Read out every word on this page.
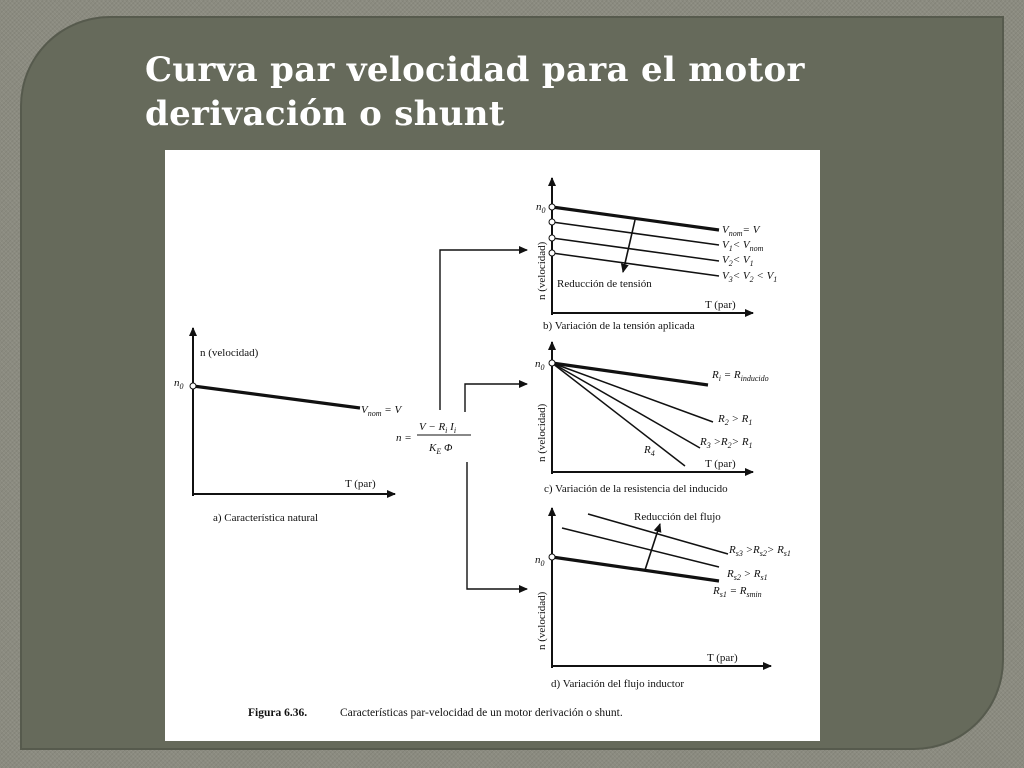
Curva par velocidad para el motor
derivación o shunt
n (velocidad)
$n_0$
$V_{nom} = V$
T (par)
a) Característica natural
n =
$V - R_i$ $I_i$
$K_E$ Φ
$n_0$
n (velocidad)
$V_{nom}= V$
$V_1< V_{nom}$
$V_2< V_1$
$V_3< V_2 < V_1$
Reducción de tensión
T (par)
b) Variación de la tensión aplicada
$n_0$
n (velocidad)
$R_i = R_{inducido}$
$R_2 > R_1$
$R_3 >R_2> R_1$
$R_4$
T (par)
c) Variación de la resistencia del inducido
Reducción del flujo
$n_0$
n (velocidad)
$R_{s3} >R_{s2}> R_{s1}$
$R_{s2} > R_{s1}$
$R_{s1} = R_{smin}$
T (par)
d) Variación del flujo inductor
Figura 6.36.	Características par-velocidad de un motor derivación o shunt.
